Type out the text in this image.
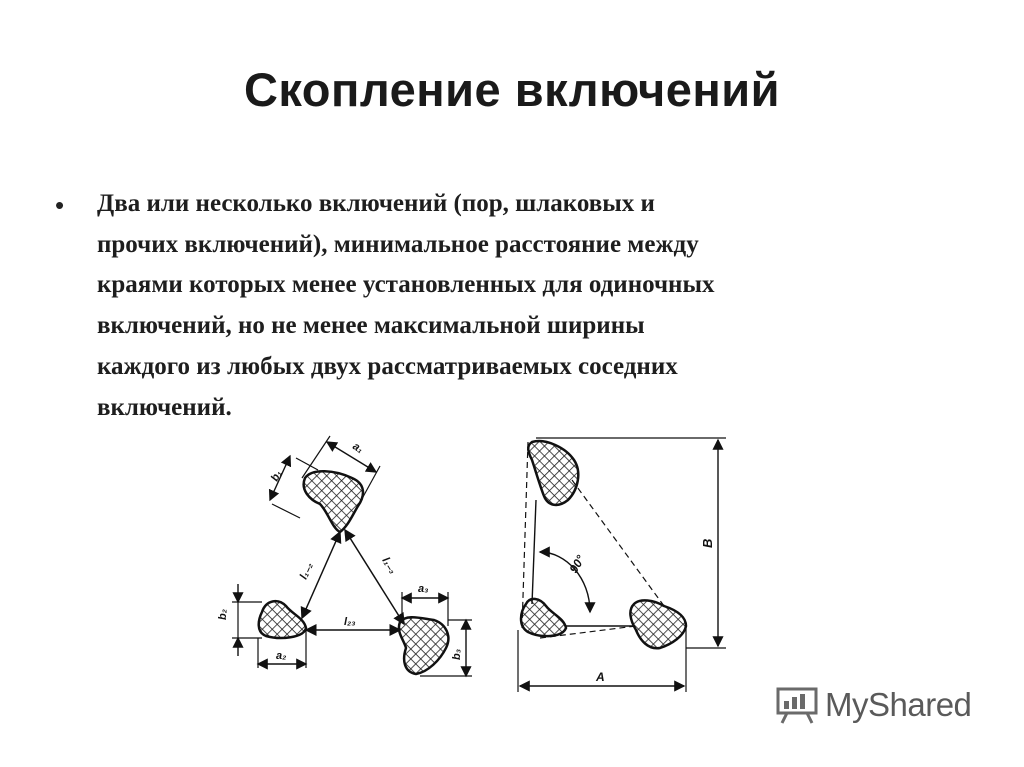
Скопление включений
• Два или несколько включений (пор, шлаковых и
прочих включений), минимальное расстояние между
краями которых менее установленных для одиночных
включений, но не менее максимальной ширины
каждого из любых двух рассматриваемых соседних
включений.
a₁
b₁
l₁₋₂	l₁₋₃
l₂₃
b₂
a₂
a₃
b₃
90°
B
A
MyShared
